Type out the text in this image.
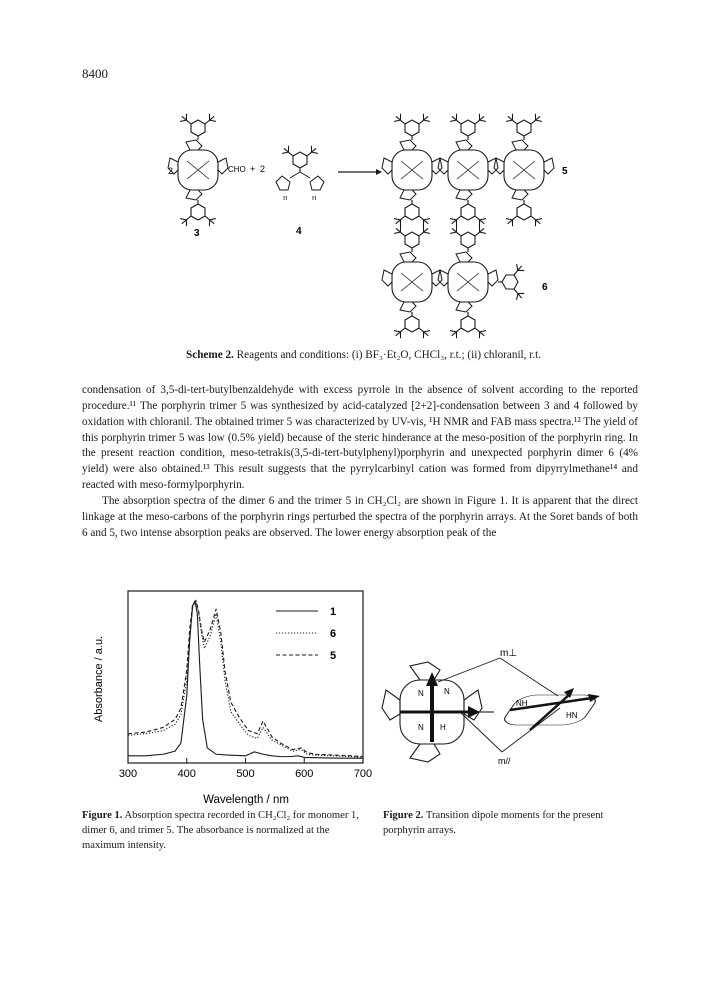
8400
2	CHO + 2
3
H	H
4
5
6
Scheme 2. Reagents and conditions: (i) BF₃·Et₂O, CHCl₃, r.t.; (ii) chloranil, r.t.

condensation of 3,5-di-tert-butylbenzaldehyde with excess pyrrole in the absence of solvent according to the reported procedure.¹¹ The porphyrin trimer 5 was synthesized by acid-catalyzed [2+2]-condensation between 3 and 4 followed by oxidation with chloranil. The obtained trimer 5 was characterized by UV-vis, ¹H NMR and FAB mass spectra.¹² The yield of this porphyrin trimer 5 was low (0.5% yield) because of the steric hinderance at the meso-position of the porphyrin ring. In the present reaction condition, meso-tetrakis(3,5-di-tert-butylphenyl)porphyrin and unexpected porphyrin dimer 6 (4% yield) were also obtained.¹³ This result suggests that the pyrrylcarbinyl cation was formed from dipyrrylmethane¹⁴ and reacted with meso-formylporphyrin.

The absorption spectra of the dimer 6 and the trimer 5 in CH₂Cl₂ are shown in Figure 1. It is apparent that the direct linkage at the meso-carbons of the porphyrin rings perturbed the spectra of the porphyrin arrays. At the Soret bands of both 6 and 5, two intense absorption peaks are observed. The lower energy absorption peak of the

300	400	500	600	700
Absorbance / a.u.
Wavelength / nm
1
6
5
N	N
N H
NH
HN
m⊥
m//
Figure 1. Absorption spectra recorded in CH₂Cl₂ for monomer 1, dimer 6, and trimer 5. The absorbance is normalized at the maximum intensity.
Figure 2. Transition dipole moments for the present porphyrin arrays.
